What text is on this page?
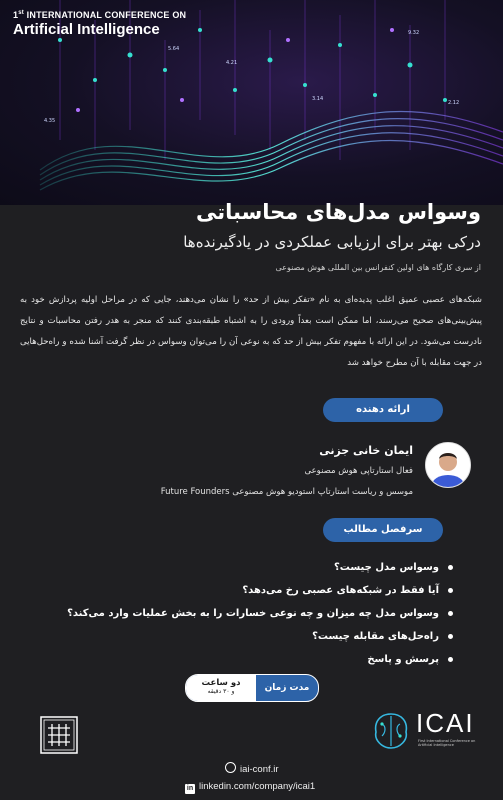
5.64
4.21
3.14
9.32
2.12
4.35
1st INTERNATIONAL CONFERENCE ON
Artificial Intelligence
وسواس مدل‌های محاسباتی
درکی بهتر برای ارزیابی عملکردی در یادگیرنده‌ها
از سری کارگاه های اولین کنفرانس بین المللی هوش مصنوعی
شبکه‌های عصبی عمیق اغلب پدیده‌ای به نام «تفکر بیش از حد» را نشان می‌دهند، جایی که در مراحل اولیه پردازش خود به پیش‌بینی‌های صحیح می‌رسند، اما ممکن است بعداً ورودی را به اشتباه طبقه‌بندی کنند که منجر به هدر رفتن محاسبات و نتایج نادرست می‌شود. در این ارائه با مفهوم تفکر بیش از حد که به نوعی آن را می‌توان وسواس در نظر گرفت آشنا شده و راه‌حل‌هایی در جهت مقابله با آن مطرح خواهد شد
ارائه دهنده
ایمان خانی جزنی
فعال استارتاپی هوش مصنوعی
موسس و ریاست استارتاپ استودیو هوش مصنوعی Future Founders
سرفصل مطالب
وسواس مدل چیست؟
آیا فقط در شبکه‌های عصبی رخ می‌دهد؟
وسواس مدل چه میزان و چه نوعی خسارات را به بخش عملیات وارد می‌کند؟
راه‌حل‌های مقابله چیست؟
پرسش و پاسخ
دو ساعت
و ۳۰ دقیقه	مدت زمان
ICAI
First International Conference on
Artificial Intelligence
iai-conf.ir
in linkedin.com/company/icai1
